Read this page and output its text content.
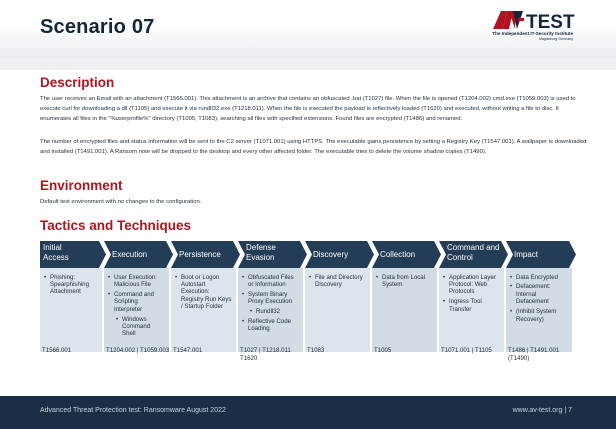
Scenario 07	TEST
The Independent IT-Security Institute
Magdeburg Germany
Description
The user receives an Email with an attachment (T1566.001). This attachment is an archive that contains an obfuscated .bat (T1027) file. When the file is opened (T1204.002) cmd.exe (T1059.003) is used to execute curl for downloading a dll (T1105) and execute it via rundll32.exe (T1218.011). When the file is executed the payload is reflectively loaded (T1620) and executed, without writing a file to disc. It enumerates all files in the "%userprofile%" directory (T1005, T1083), searching all files with specified extensions. Found files are encrypted (T1486) and renamed.
The number of encrypted files and status information will be sent to the C2 server (T1071.001) using HTTPS. The executable gains persistence by setting a Registry Key (T1547.001). A wallpaper is downloaded and installed (T1491.001). A Ransom note will be dropped to the desktop and every other affected folder. The executable tries to delete the volume shadow copies (T1490).
Environment
Default test environment with no changes to the configuration.
Tactics and Techniques
Initial
Access
• Phishing: Spearphishing Attachment
T1566.001
Execution
• User Execution: Malicious File
• Command and Scripting Interpreter
• Windows Command Shell
T1204.002 | T1059.003
Persistence
• Boot or Logon Autostart Execution: Registry Run Keys / Startup Folder
T1547.001
Defense
Evasion
• Obfuscated Files or Information
• System Binary Proxy Execution
• Rundll32
• Reflective Code Loading
T1027 | T1218.011
T1620
Discovery
• File and Directory Discovery
T1083
Collection
• Data from Local System
T1005
Command and
Control
• Application Layer Protocol: Web Protocols
• Ingress Tool Transfer
T1071.001 | T1105
Impact
• Data Encrypted
• Defacement: Internal Defacement
• (Inhibit System Recovery)
T1486 | T1491.001
(T1490)
Advanced Threat Protection test: Ransomware August 2022	www.av-test.org | 7
